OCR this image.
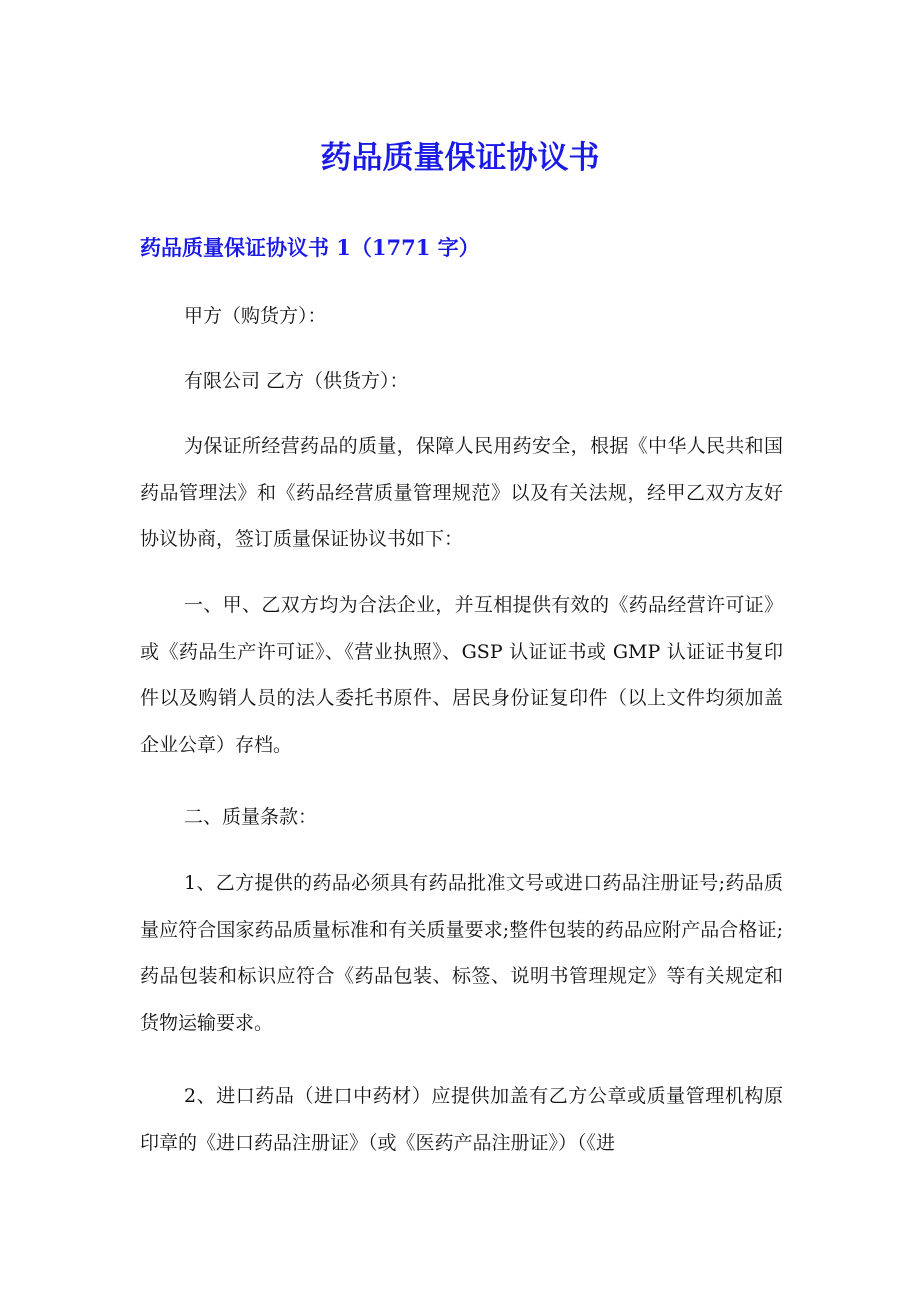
药品质量保证协议书
药品质量保证协议书 1（1771 字）

甲方（购货方）：

有限公司 乙方（供货方）：

为保证所经营药品的质量，保障人民用药安全，根据《中华人民共和国药品管理法》和《药品经营质量管理规范》以及有关法规，经甲乙双方友好协议协商，签订质量保证协议书如下：

一、甲、乙双方均为合法企业，并互相提供有效的《药品经营许可证》或《药品生产许可证》、《营业执照》、GSP 认证证书或 GMP 认证证书复印件以及购销人员的法人委托书原件、居民身份证复印件（以上文件均须加盖企业公章）存档。

二、质量条款：

1、乙方提供的药品必须具有药品批准文号或进口药品注册证号;药品质量应符合国家药品质量标准和有关质量要求;整件包装的药品应附产品合格证;药品包装和标识应符合《药品包装、标签、说明书管理规定》等有关规定和货物运输要求。

2、进口药品（进口中药材）应提供加盖有乙方公章或质量管理机构原印章的《进口药品注册证》（或《医药产品注册证》）（《进
